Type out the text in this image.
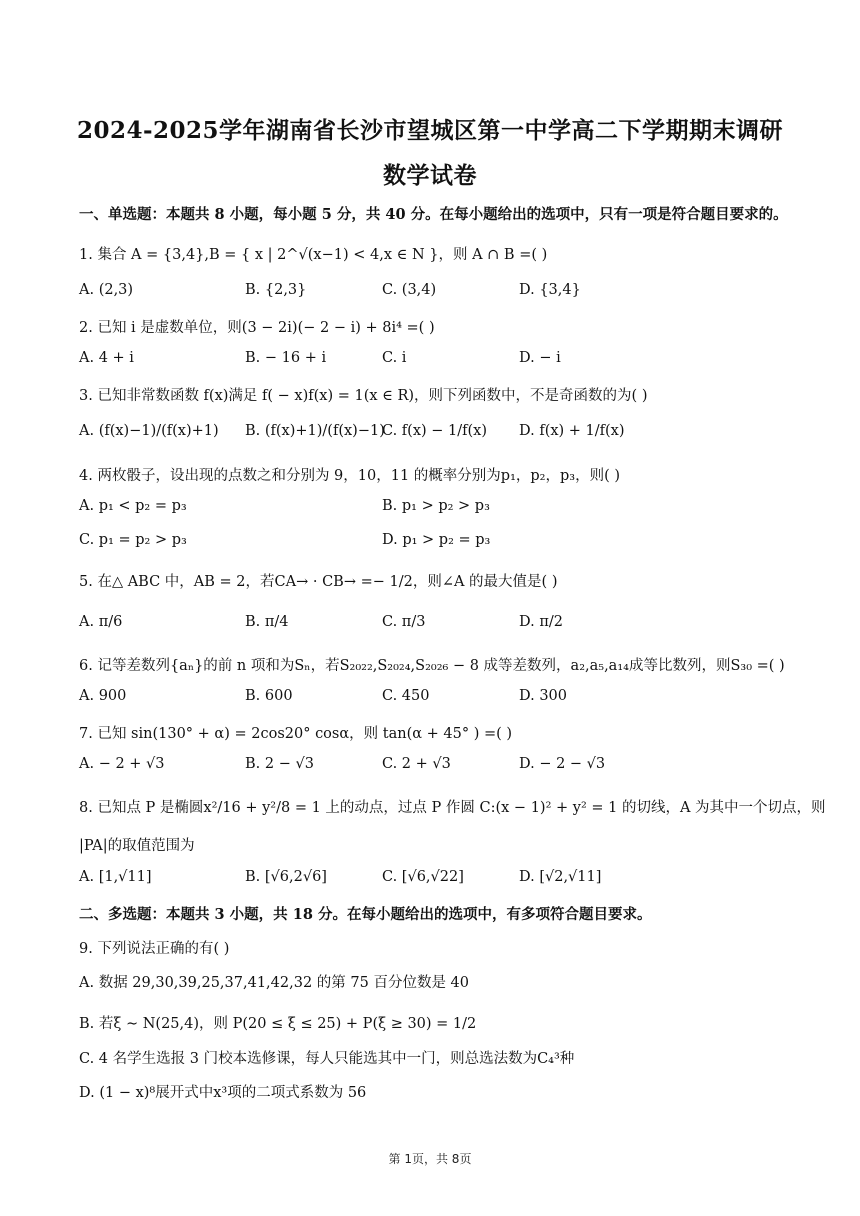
2024-2025学年湖南省长沙市望城区第一中学高二下学期期末调研
数学试卷
一、单选题：本题共 8 小题，每小题 5 分，共 40 分。在每小题给出的选项中，只有一项是符合题目要求的。
1. 集合 A = {3,4},B = { x | 2^√(x−1) < 4,x ∈ N }，则 A ∩ B =( )
A. (2,3)	B. {2,3}	C. (3,4)	D. {3,4}
2. 已知 i 是虚数单位，则(3 − 2i)(− 2 − i) + 8i⁴ =( )
A. 4 + i	B. − 16 + i	C. i	D. − i
3. 已知非常数函数 f(x)满足 f( − x)f(x) = 1(x ∈ R)，则下列函数中，不是奇函数的为( )
A. (f(x)−1)/(f(x)+1) B. (f(x)+1)/(f(x)−1)
C. f(x) − 1/f(x) D. f(x) + 1/f(x)
4. 两枚骰子，设出现的点数之和分别为 9，10，11 的概率分别为p₁，p₂，p₃，则( )
A. p₁ < p₂ = p₃	B. p₁ > p₂ > p₃
C. p₁ = p₂ > p₃	D. p₁ > p₂ = p₃
5. 在△ ABC 中，AB = 2，若CA→ · CB→ =− 1/2，则∠A 的最大值是( )
A. π/6	B. π/4	C. π/3	D. π/2
6. 记等差数列{aₙ}的前 n 项和为Sₙ，若S₂₀₂₂,S₂₀₂₄,S₂₀₂₆ − 8 成等差数列，a₂,a₅,a₁₄成等比数列，则S₃₀ =( )
A. 900	B. 600	C. 450	D. 300
7. 已知 sin(130° + α) = 2cos20° cosα，则 tan(α + 45° ) =( )
A. − 2 + √3	B. 2 − √3	C. 2 + √3	D. − 2 − √3
8. 已知点 P 是椭圆x²/16 + y²/8 = 1 上的动点，过点 P 作圆 C:(x − 1)² + y² = 1 的切线，A 为其中一个切点，则
|PA|的取值范围为
A. [1,√11]	B. [√6,2√6]	C. [√6,√22]	D. [√2,√11]
二、多选题：本题共 3 小题，共 18 分。在每小题给出的选项中，有多项符合题目要求。
9. 下列说法正确的有( )
A. 数据 29,30,39,25,37,41,42,32 的第 75 百分位数是 40
B. 若ξ ∼ N(25,4)，则 P(20 ≤ ξ ≤ 25) + P(ξ ≥ 30) = 1/2
C. 4 名学生选报 3 门校本选修课，每人只能选其中一门，则总选法数为C₄³种
D. (1 − x)⁸展开式中x³项的二项式系数为 56
第 1页，共 8页
